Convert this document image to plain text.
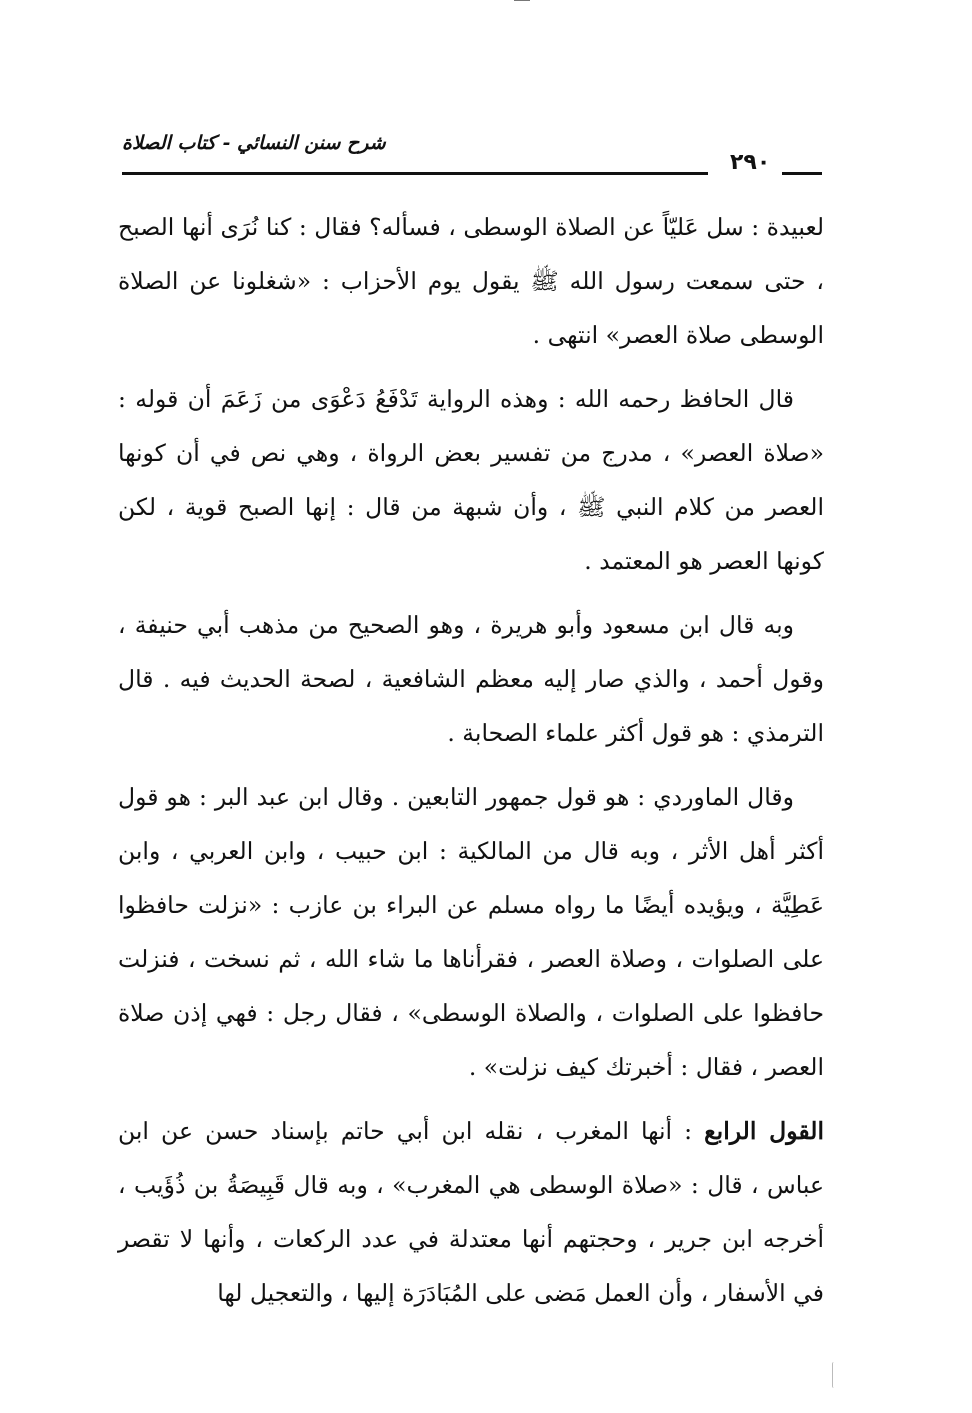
شرح سنن النسائي - كتاب الصلاة
٢٩٠

لعبيدة : سل عَليّاً عن الصلاة الوسطى ، فسأله؟ فقال : كنا نُرَى أنها الصبح ، حتى سمعت رسول الله ﷺ يقول يوم الأحزاب : «شغلونا عن الصلاة الوسطى صلاة العصر» انتهى .

قال الحافظ رحمه الله : وهذه الرواية تَدْفَعُ دَعْوَى من زَعَمَ أن قوله : «صلاة العصر» ، مدرج من تفسير بعض الرواة ، وهي نص في أن كونها العصر من كلام النبي ﷺ ، وأن شبهة من قال : إنها الصبح قوية ، لكن كونها العصر هو المعتمد .

وبه قال ابن مسعود وأبو هريرة ، وهو الصحيح من مذهب أبي حنيفة ، وقول أحمد ، والذي صار إليه معظم الشافعية ، لصحة الحديث فيه . قال الترمذي : هو قول أكثر علماء الصحابة .

وقال الماوردي : هو قول جمهور التابعين . وقال ابن عبد البر : هو قول أكثر أهل الأثر ، وبه قال من المالكية : ابن حبيب ، وابن العربي ، وابن عَطِيَّة ، ويؤيده أيضًا ما رواه مسلم عن البراء بن عازب : «نزلت حافظوا على الصلوات ، وصلاة العصر ، فقرأناها ما شاء الله ، ثم نسخت ، فنزلت حافظوا على الصلوات ، والصلاة الوسطى» ، فقال رجل : فهي إذن صلاة العصر ، فقال : أخبرتك كيف نزلت» .

القول الرابع : أنها المغرب ، نقله ابن أبي حاتم بإسناد حسن عن ابن عباس ، قال : «صلاة الوسطى هي المغرب» ، وبه قال قَبِيصَةُ بن ذُؤَيب ، أخرجه ابن جرير ، وحجتهم أنها معتدلة في عدد الركعات ، وأنها لا تقصر في الأسفار ، وأن العمل مَضى على المُبَادَرَة إليها ، والتعجيل لها
